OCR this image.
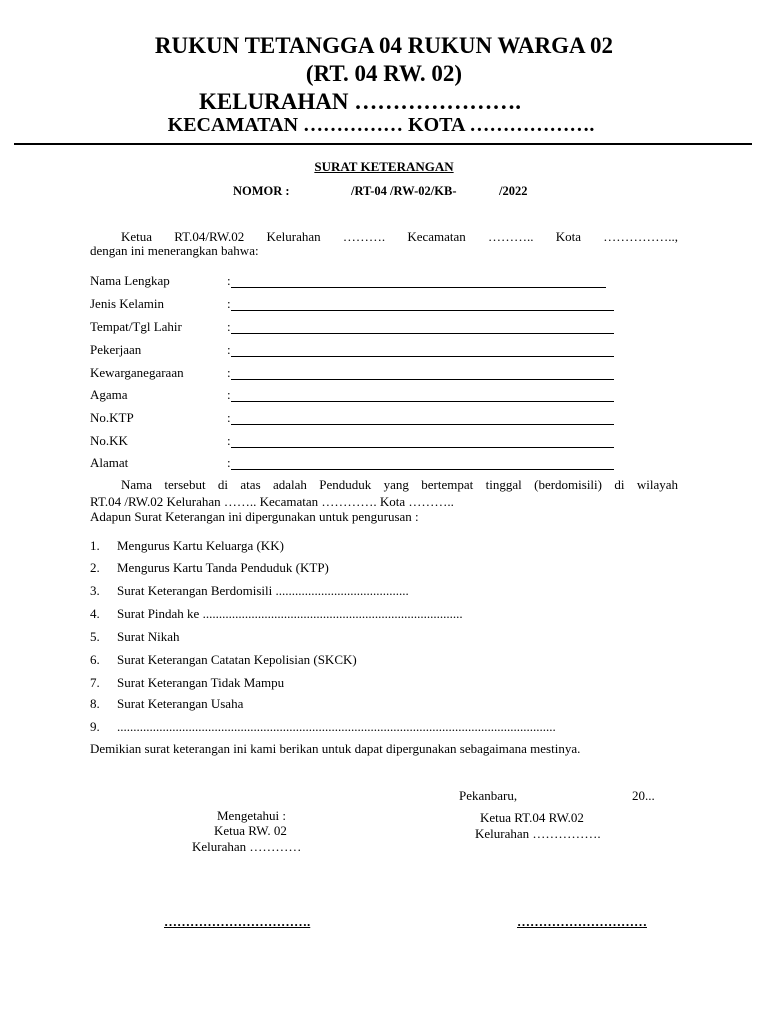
RUKUN TETANGGA 04 RUKUN WARGA 02
(RT. 04 RW. 02)
KELURAHAN ………………….
KECAMATAN …………… KOTA ……………….
SURAT KETERANGAN
NOMOR :	/RT-04 /RW-02/KB-	/2022
Ketua RT.04/RW.02 Kelurahan ………. Kecamatan ……….. Kota ……………..,
dengan ini menerangkan bahwa:
Nama Lengkap	:
Jenis Kelamin	:
Tempat/Tgl Lahir	:
Pekerjaan	:
Kewarganegaraan	:
Agama	:
No.KTP	:
No.KK	:
Alamat	:
Nama tersebut di atas adalah Penduduk yang bertempat tinggal (berdomisili) di wilayah
RT.04 /RW.02 Kelurahan …….. Kecamatan …………. Kota ………..
Adapun Surat Keterangan ini dipergunakan untuk pengurusan :
1. Mengurus Kartu Keluarga (KK)
2. Mengurus Kartu Tanda Penduduk (KTP)
3. Surat Keterangan Berdomisili .........................................
4. Surat Pindah ke ................................................................................
5. Surat Nikah
6. Surat Keterangan Catatan Kepolisian (SKCK)
7. Surat Keterangan Tidak Mampu
8. Surat Keterangan Usaha
9. .......................................................................................................................................
Demikian surat keterangan ini kami berikan untuk dapat dipergunakan sebagaimana mestinya.
Pekanbaru,	20...
Mengetahui :
Ketua RW. 02
Kelurahan …………
Ketua RT.04 RW.02
Kelurahan …………….
…………………………….	…………………………
